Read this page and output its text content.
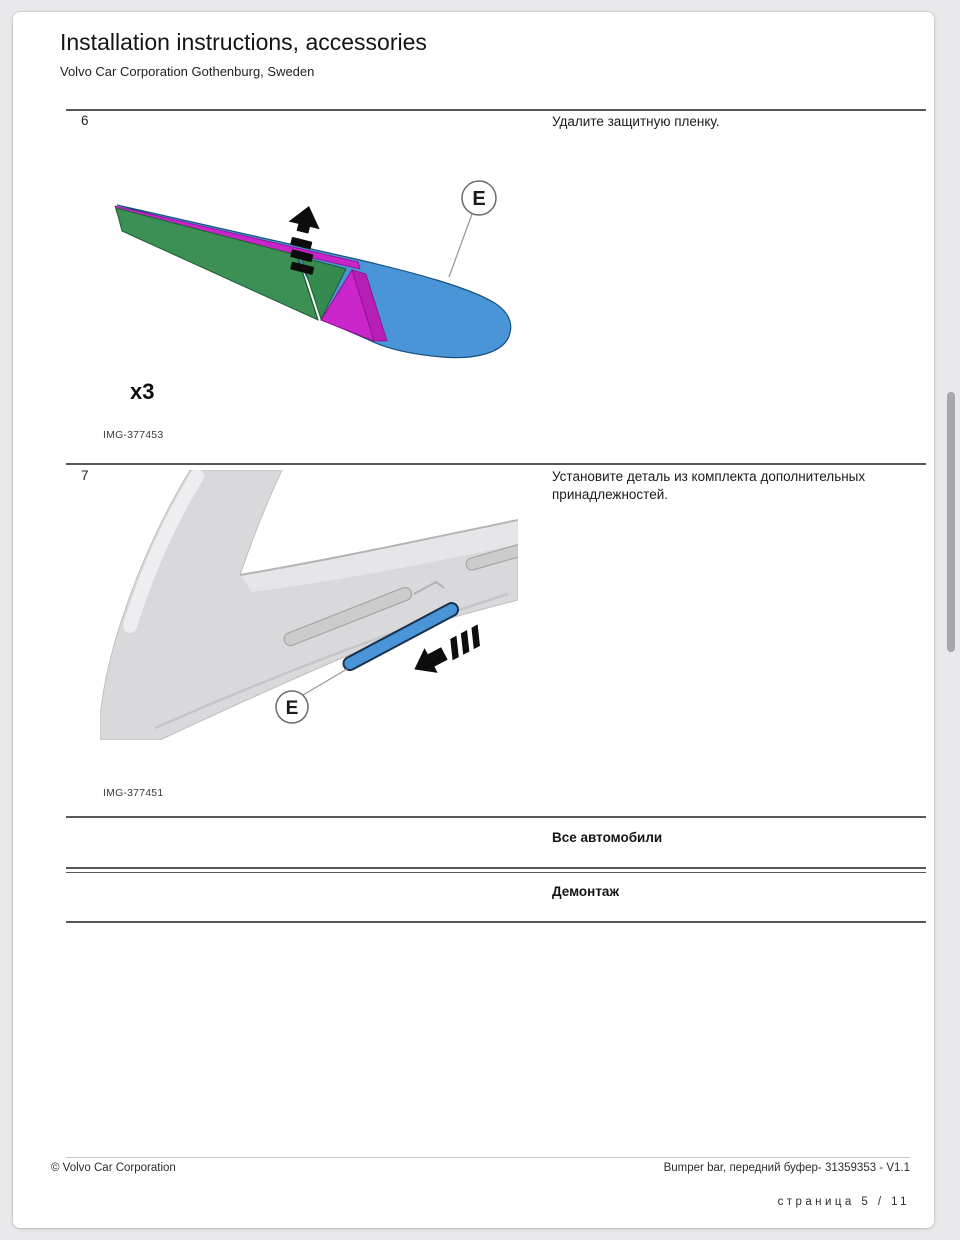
Installation instructions, accessories
Volvo Car Corporation Gothenburg, Sweden
6	Удалите защитную пленку.
E
x3
IMG-377453
7	Установите деталь из комплекта дополнительных принадлежностей.
E
IMG-377451
Все автомобили
Демонтаж
© Volvo Car Corporation	Bumper bar, передний буфер- 31359353 - V1.1
страница 5 / 11
